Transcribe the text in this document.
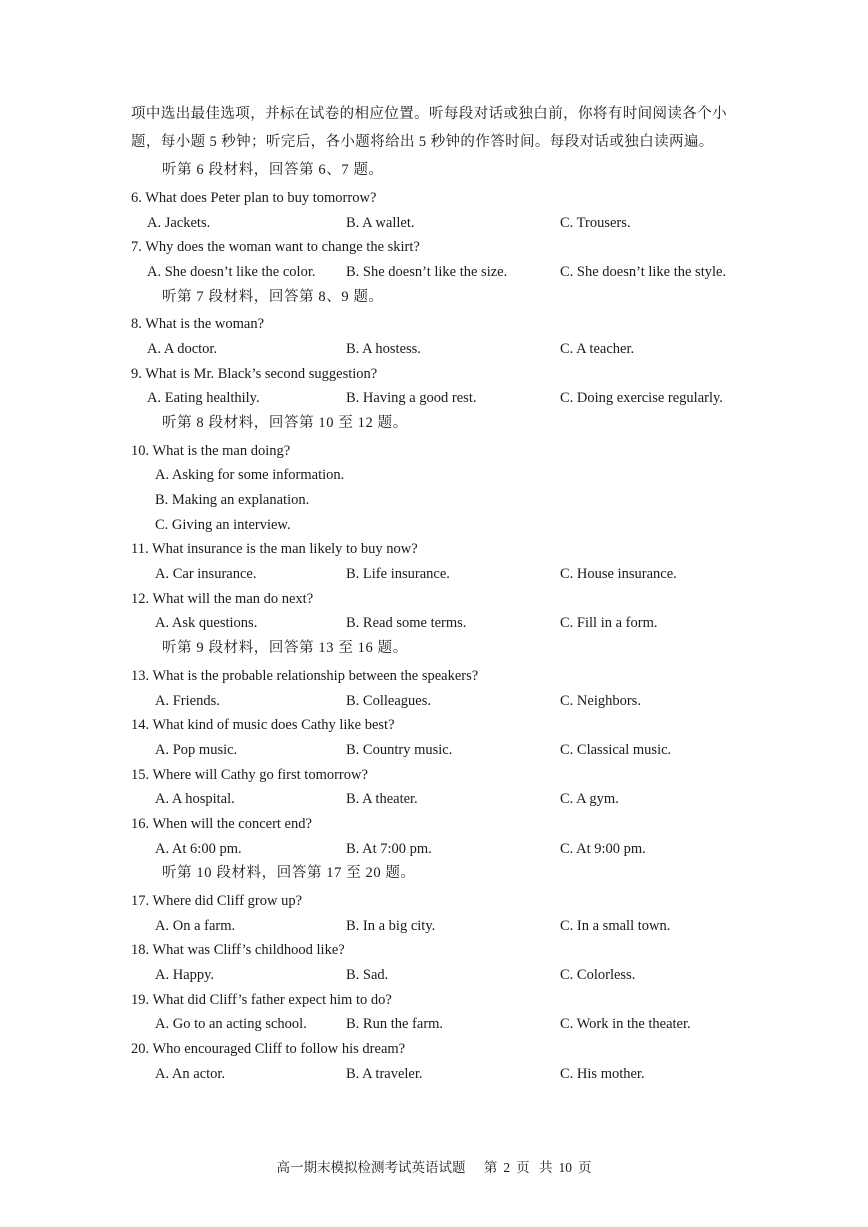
项中选出最佳选项，并标在试卷的相应位置。听每段对话或独白前，你将有时间阅读各个小
题，每小题 5 秒钟；听完后，各小题将给出 5 秒钟的作答时间。每段对话或独白读两遍。
听第 6 段材料，回答第 6、7 题。
6. What does Peter plan to buy tomorrow?
A. Jackets.	B. A wallet.	C. Trousers.
7. Why does the woman want to change the skirt?
A. She doesn’t like the color. B. She doesn’t like the size.	C. She doesn’t like the style.
听第 7 段材料，回答第 8、9 题。
8. What is the woman?
A. A doctor.	B. A hostess.	C. A teacher.
9. What is Mr. Black’s second suggestion?
A. Eating healthily.	B. Having a good rest.	C. Doing exercise regularly.
听第 8 段材料，回答第 10 至 12 题。
10. What is the man doing?
A. Asking for some information.
B. Making an explanation.
C. Giving an interview.
11. What insurance is the man likely to buy now?
A. Car insurance.	B. Life insurance.	C. House insurance.
12. What will the man do next?
A. Ask questions.	B. Read some terms.	C. Fill in a form.
听第 9 段材料，回答第 13 至 16 题。
13. What is the probable relationship between the speakers?
A. Friends.	B. Colleagues.	C. Neighbors.
14. What kind of music does Cathy like best?
A. Pop music.	B. Country music.	C. Classical music.
15. Where will Cathy go first tomorrow?
A. A hospital.	B. A theater.	C. A gym.
16. When will the concert end?
A. At 6:00 pm.	B. At 7:00 pm.	C. At 9:00 pm.
听第 10 段材料，回答第 17 至 20 题。
17. Where did Cliff grow up?
A. On a farm.	B. In a big city.	C. In a small town.
18. What was Cliff’s childhood like?
A. Happy.	B. Sad.	C. Colorless.
19. What did Cliff’s father expect him to do?
A. Go to an acting school.	B. Run the farm.	C. Work in the theater.
20. Who encouraged Cliff to follow his dream?
A. An actor.	B. A traveler.	C. His mother.
高一期末模拟检测考试英语试题 第 2 页 共 10 页
